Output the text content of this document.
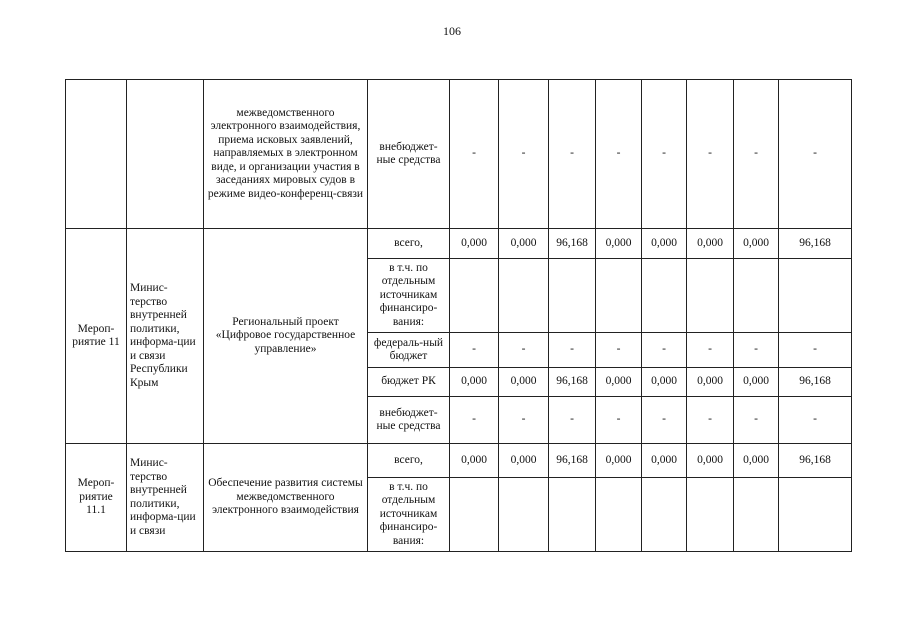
106
		межведомственного электронного взаимодействия, приема исковых заявлений, направляемых в электронном виде, и организации участия в заседаниях мировых судов в режиме видео-конференц-связи	внебюджет-ные средства	-	-	-	-	-	-	-	-
Мероп-риятие 11	Минис-терство внутренней политики, информа-ции и связи Республики Крым	Региональный проект «Цифровое государственное управление»	всего,	0,000	0,000	96,168	0,000	0,000	0,000	0,000	96,168
			в т.ч. по отдельным источникам финансиро-вания:								
			федераль-ный бюджет	-	-	-	-	-	-	-	-
			бюджет РК	0,000	0,000	96,168	0,000	0,000	0,000	0,000	96,168
			внебюджет-ные средства	-	-	-	-	-	-	-	-
Мероп-риятие 11.1	Минис-терство внутренней политики, информа-ции и связи	Обеспечение развития системы межведомственного электронного взаимодействия	всего,	0,000	0,000	96,168	0,000	0,000	0,000	0,000	96,168
			в т.ч. по отдельным источникам финансиро-вания:								
